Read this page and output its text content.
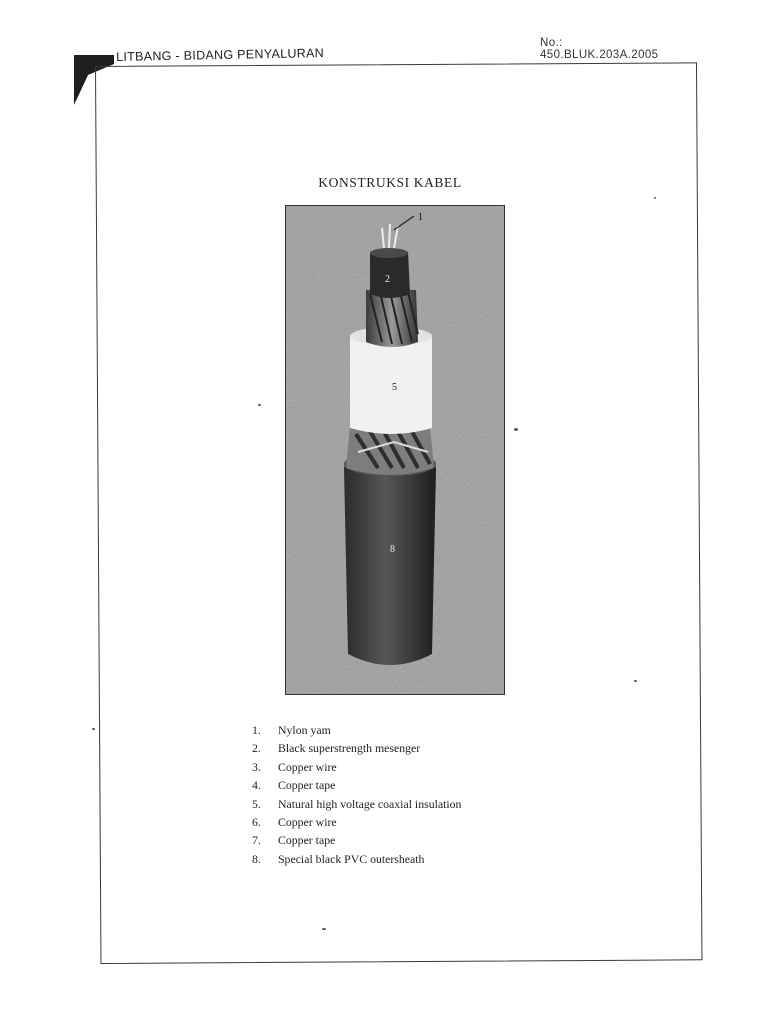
LITBANG - BIDANG PENYALURAN
No.: 450.BLUK.203A.2005
KONSTRUKSI KABEL
1
2
5
8
1.	Nylon yam
2.	Black superstrength mesenger
3.	Copper wire
4.	Copper tape
5.	Natural high voltage coaxial insulation
6.	Copper wire
7.	Copper tape
8.	Special black PVC outersheath
